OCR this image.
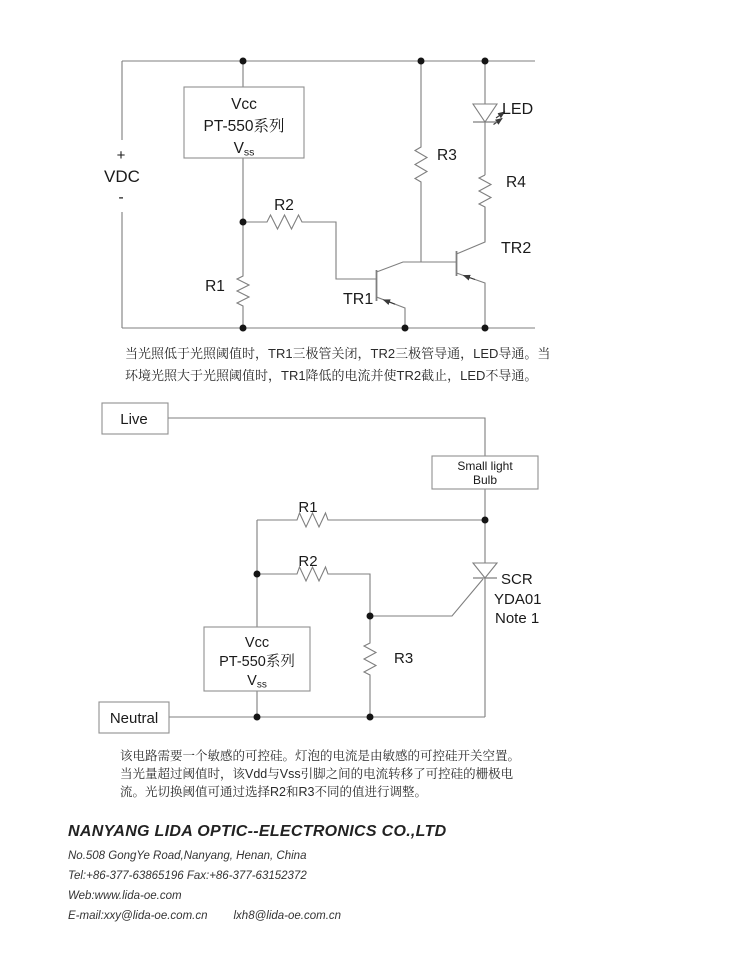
+
VDC
-
Vcc
PT-550系列
Vss
R2
R1
R3
R4
LED
TR1
TR2
Live
Small light
Bulb
R1
R2
R3
Vcc
PT-550系列
Vss
Neutral
SCR
YDA01
Note 1
当光照低于光照阈值时，TR1三极管关闭，TR2三极管导通，LED导通。当
环境光照大于光照阈值时，TR1降低的电流并使TR2截止，LED不导通。
该电路需要一个敏感的可控硅。灯泡的电流是由敏感的可控硅开关空置。
当光量超过阈值时，该Vdd与Vss引脚之间的电流转移了可控硅的栅极电
流。光切换阈值可通过选择R2和R3不同的值进行调整。
NANYANG LIDA OPTIC--ELECTRONICS CO.,LTD
No.508 GongYe Road,Nanyang, Henan, China
Tel:+86-377-63865196 Fax:+86-377-63152372
Web:www.lida-oe.com
E-mail:xxy@lida-oe.com.cn lxh8@lida-oe.com.cn
